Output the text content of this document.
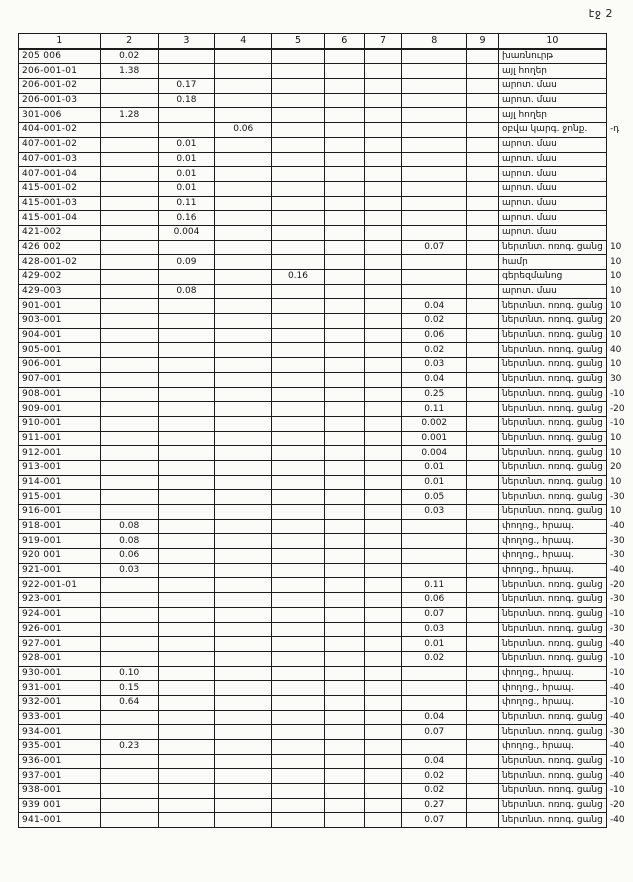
էջ 2
1	2	3	4	5	6	7	8	9	10	
205 006	0.02								խառնուրթ	
206-001-01	1.38								այլ հողեր	
206-001-02		0.17							արոտ. մաս	
206-001-03		0.18							արոտ. մաս	
301-006	1.28								այլ հողեր	
404-001-02			0.06						օբվա կարգ. ջոնք.	-դ
407-001-02		0.01							արոտ. մաս	
407-001-03		0.01							արոտ. մաս	
407-001-04		0.01							արոտ. մաս	
415-001-02		0.01							արոտ. մաս	
415-001-03		0.11							արոտ. մաս	
415-001-04		0.16							արոտ. մաս	
421-002		0.004							արոտ. մաս	
426 002							0.07		ներտնտ. ոռոգ. ցանց	10
428-001-02		0.09							համր	10
429-002				0.16					գերեզմանոց	10
429-003		0.08							արոտ. մաս	10
901-001							0.04		ներտնտ. ոռոգ. ցանց	10
903-001							0.02		ներտնտ. ոռոգ. ցանց	20
904-001							0.06		ներտնտ. ոռոգ. ցանց	10
905-001							0.02		ներտնտ. ոռոգ. ցանց	40
906-001							0.03		ներտնտ. ոռոգ. ցանց	10
907-001							0.04		ներտնտ. ոռոգ. ցանց	30
908-001							0.25		ներտնտ. ոռոգ. ցանց	-10
909-001							0.11		ներտնտ. ոռոգ. ցանց	-20
910-001							0.002		ներտնտ. ոռոգ. ցանց	-10
911-001							0.001		ներտնտ. ոռոգ. ցանց	10
912-001							0.004		ներտնտ. ոռոգ. ցանց	10
913-001							0.01		ներտնտ. ոռոգ. ցանց	20
914-001							0.01		ներտնտ. ոռոգ. ցանց	10
915-001							0.05		ներտնտ. ոռոգ. ցանց	-30
916-001							0.03		ներտնտ. ոռոգ. ցանց	10
918-001	0.08								փողոց., հրապ.	-40
919-001	0.08								փողոց., հրապ.	-30
920 001	0.06								փողոց., հրապ.	-30
921-001	0.03								փողոց., հրապ.	-40
922-001-01							0.11		ներտնտ. ոռոգ. ցանց	-20
923-001							0.06		ներտնտ. ոռոգ. ցանց	-30
924-001							0.07		ներտնտ. ոռոգ. ցանց	-10
926-001							0.03		ներտնտ. ոռոգ. ցանց	-30
927-001							0.01		ներտնտ. ոռոգ. ցանց	-40
928-001							0.02		ներտնտ. ոռոգ. ցանց	-10
930-001	0.10								փողոց., հրապ.	-10
931-001	0.15								փողոց., հրապ.	-40
932-001	0.64								փողոց., հրապ.	-10
933-001							0.04		ներտնտ. ոռոգ. ցանց	-40
934-001							0.07		ներտնտ. ոռոգ. ցանց	-30
935-001	0.23								փողոց., հրապ.	-40
936-001							0.04		ներտնտ. ոռոգ. ցանց	-10
937-001							0.02		ներտնտ. ոռոգ. ցանց	-40
938-001							0.02		ներտնտ. ոռոգ. ցանց	-10
939 001							0.27		ներտնտ. ոռոգ. ցանց	-20
941-001							0.07		ներտնտ. ոռոգ. ցանց	-40
